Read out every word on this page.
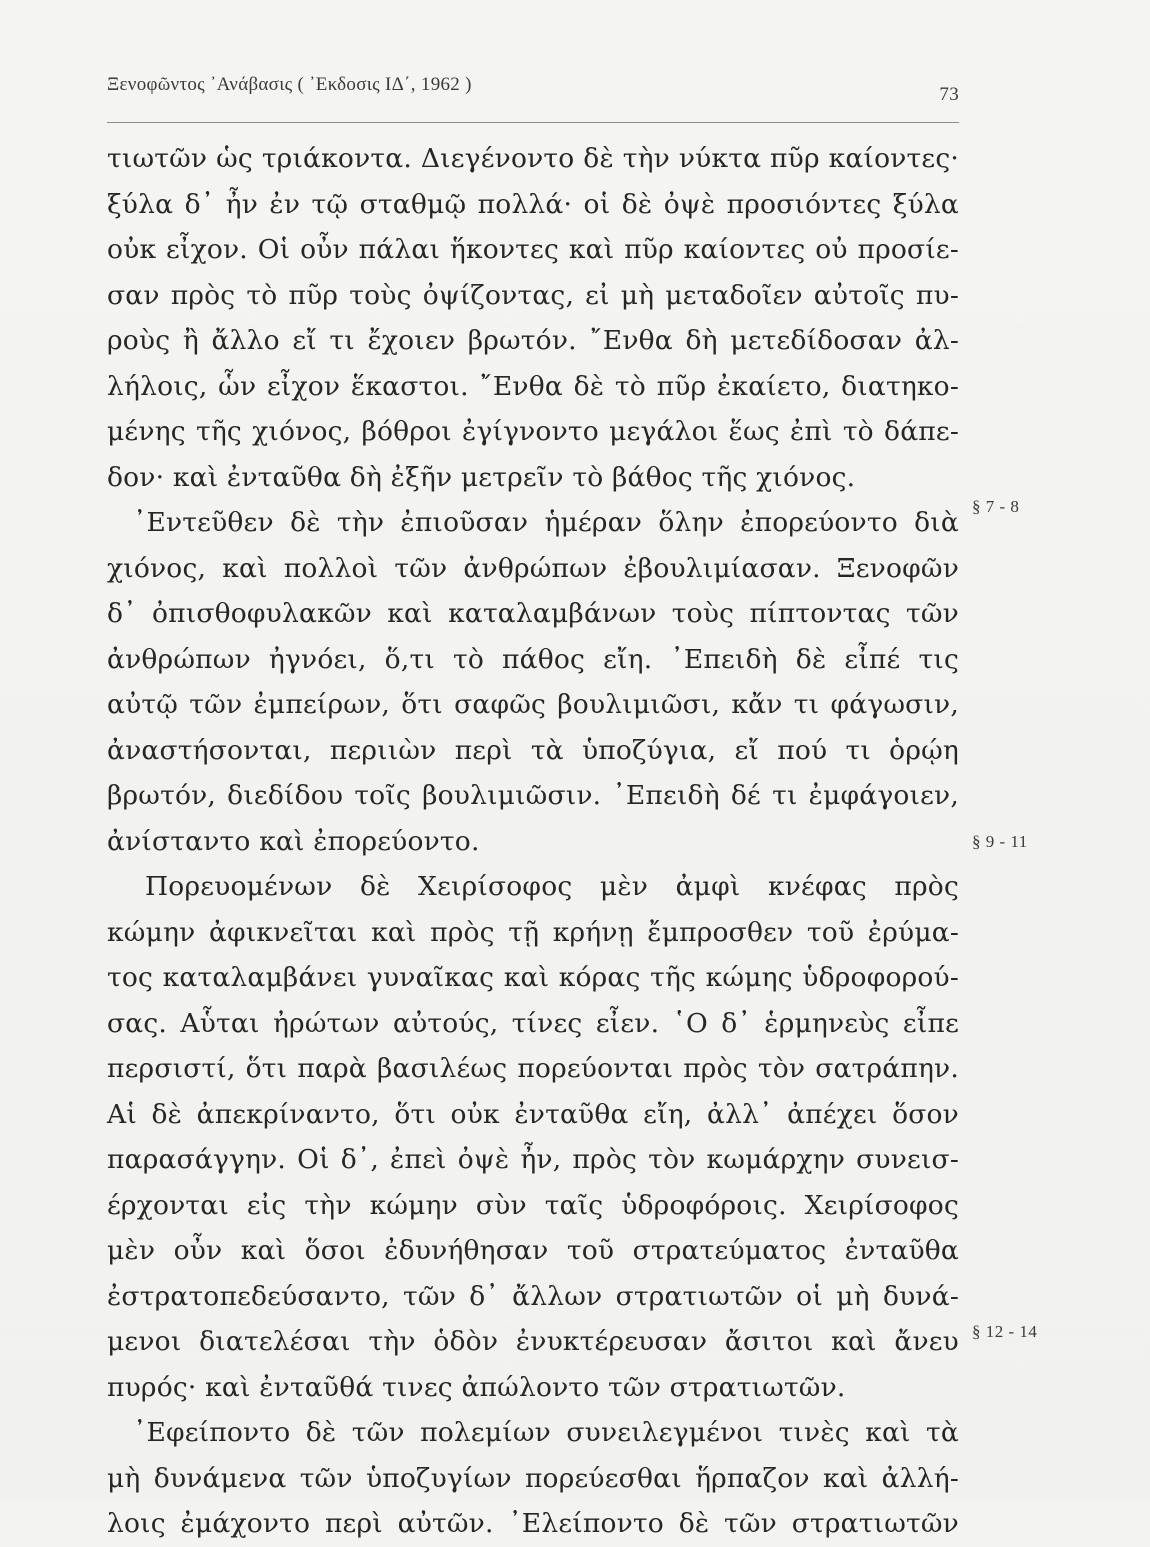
Ξενοφῶντος ᾿Ανάβασις ( ᾿Εκδοσις ΙΔ΄, 1962 )	73
τιωτῶν ὡς τριάκοντα. Διεγένοντο δὲ τὴν νύκτα πῦρ καίοντες·
ξύλα δ᾿ ἦν ἐν τῷ σταθμῷ πολλά· οἱ δὲ ὀψὲ προσιόντες ξύλα
οὐκ εἶχον. Οἱ οὖν πάλαι ἥκοντες καὶ πῦρ καίοντες οὐ προσίε-
σαν πρὸς τὸ πῦρ τοὺς ὀψίζοντας, εἰ μὴ μεταδοῖεν αὐτοῖς πυ-
ροὺς ἢ ἄλλο εἴ τι ἔχοιεν βρωτόν. ῎Ενθα δὴ μετεδίδοσαν ἀλ-
λήλοις, ὧν εἶχον ἕκαστοι. ῎Ενθα δὲ τὸ πῦρ ἐκαίετο, διατηκο-
μένης τῆς χιόνος, βόθροι ἐγίγνοντο μεγάλοι ἕως ἐπὶ τὸ δάπε-
δον· καὶ ἐνταῦθα δὴ ἐξῆν μετρεῖν τὸ βάθος τῆς χιόνος.
᾿Εντεῦθεν δὲ τὴν ἐπιοῦσαν ἡμέραν ὅλην ἐπορεύοντο διὰ
χιόνος, καὶ πολλοὶ τῶν ἀνθρώπων ἐβουλιμίασαν. Ξενοφῶν
δ᾿ ὀπισθοφυλακῶν καὶ καταλαμβάνων τοὺς πίπτοντας τῶν
ἀνθρώπων ἠγνόει, ὅ,τι τὸ πάθος εἴη. ᾿Επειδὴ δὲ εἶπέ τις
αὐτῷ τῶν ἐμπείρων, ὅτι σαφῶς βουλιμιῶσι, κἄν τι φάγωσιν,
ἀναστήσονται, περιιὼν περὶ τὰ ὑποζύγια, εἴ πού τι ὁρῴη
βρωτόν, διεδίδου τοῖς βουλιμιῶσιν. ᾿Επειδὴ δέ τι ἐμφάγοιεν,
ἀνίσταντο καὶ ἐπορεύοντο.
Πορευομένων δὲ Χειρίσοφος μὲν ἀμφὶ κνέφας πρὸς
κώμην ἀφικνεῖται καὶ πρὸς τῇ κρήνῃ ἔμπροσθεν τοῦ ἐρύμα-
τος καταλαμβάνει γυναῖκας καὶ κόρας τῆς κώμης ὑδροφορού-
σας. Αὗται ἠρώτων αὐτούς, τίνες εἶεν. ῾Ο δ᾿ ἑρμηνεὺς εἶπε
περσιστί, ὅτι παρὰ βασιλέως πορεύονται πρὸς τὸν σατράπην.
Αἱ δὲ ἀπεκρίναντο, ὅτι οὐκ ἐνταῦθα εἴη, ἀλλ᾿ ἀπέχει ὅσον
παρασάγγην. Οἱ δ᾿, ἐπεὶ ὀψὲ ἦν, πρὸς τὸν κωμάρχην συνεισ-
έρχονται εἰς τὴν κώμην σὺν ταῖς ὑδροφόροις. Χειρίσοφος
μὲν οὖν καὶ ὅσοι ἐδυνήθησαν τοῦ στρατεύματος ἐνταῦθα
ἐστρατοπεδεύσαντο, τῶν δ᾿ ἄλλων στρατιωτῶν οἱ μὴ δυνά-
μενοι διατελέσαι τὴν ὁδὸν ἐνυκτέρευσαν ἄσιτοι καὶ ἄνευ
πυρός· καὶ ἐνταῦθά τινες ἀπώλοντο τῶν στρατιωτῶν.
᾿Εφείποντο δὲ τῶν πολεμίων συνειλεγμένοι τινὲς καὶ τὰ
μὴ δυνάμενα τῶν ὑποζυγίων πορεύεσθαι ἥρπαζον καὶ ἀλλή-
λοις ἐμάχοντο περὶ αὐτῶν. ᾿Ελείποντο δὲ τῶν στρατιωτῶν
§ 7 - 8
§ 9 - 11
§ 12 - 14
